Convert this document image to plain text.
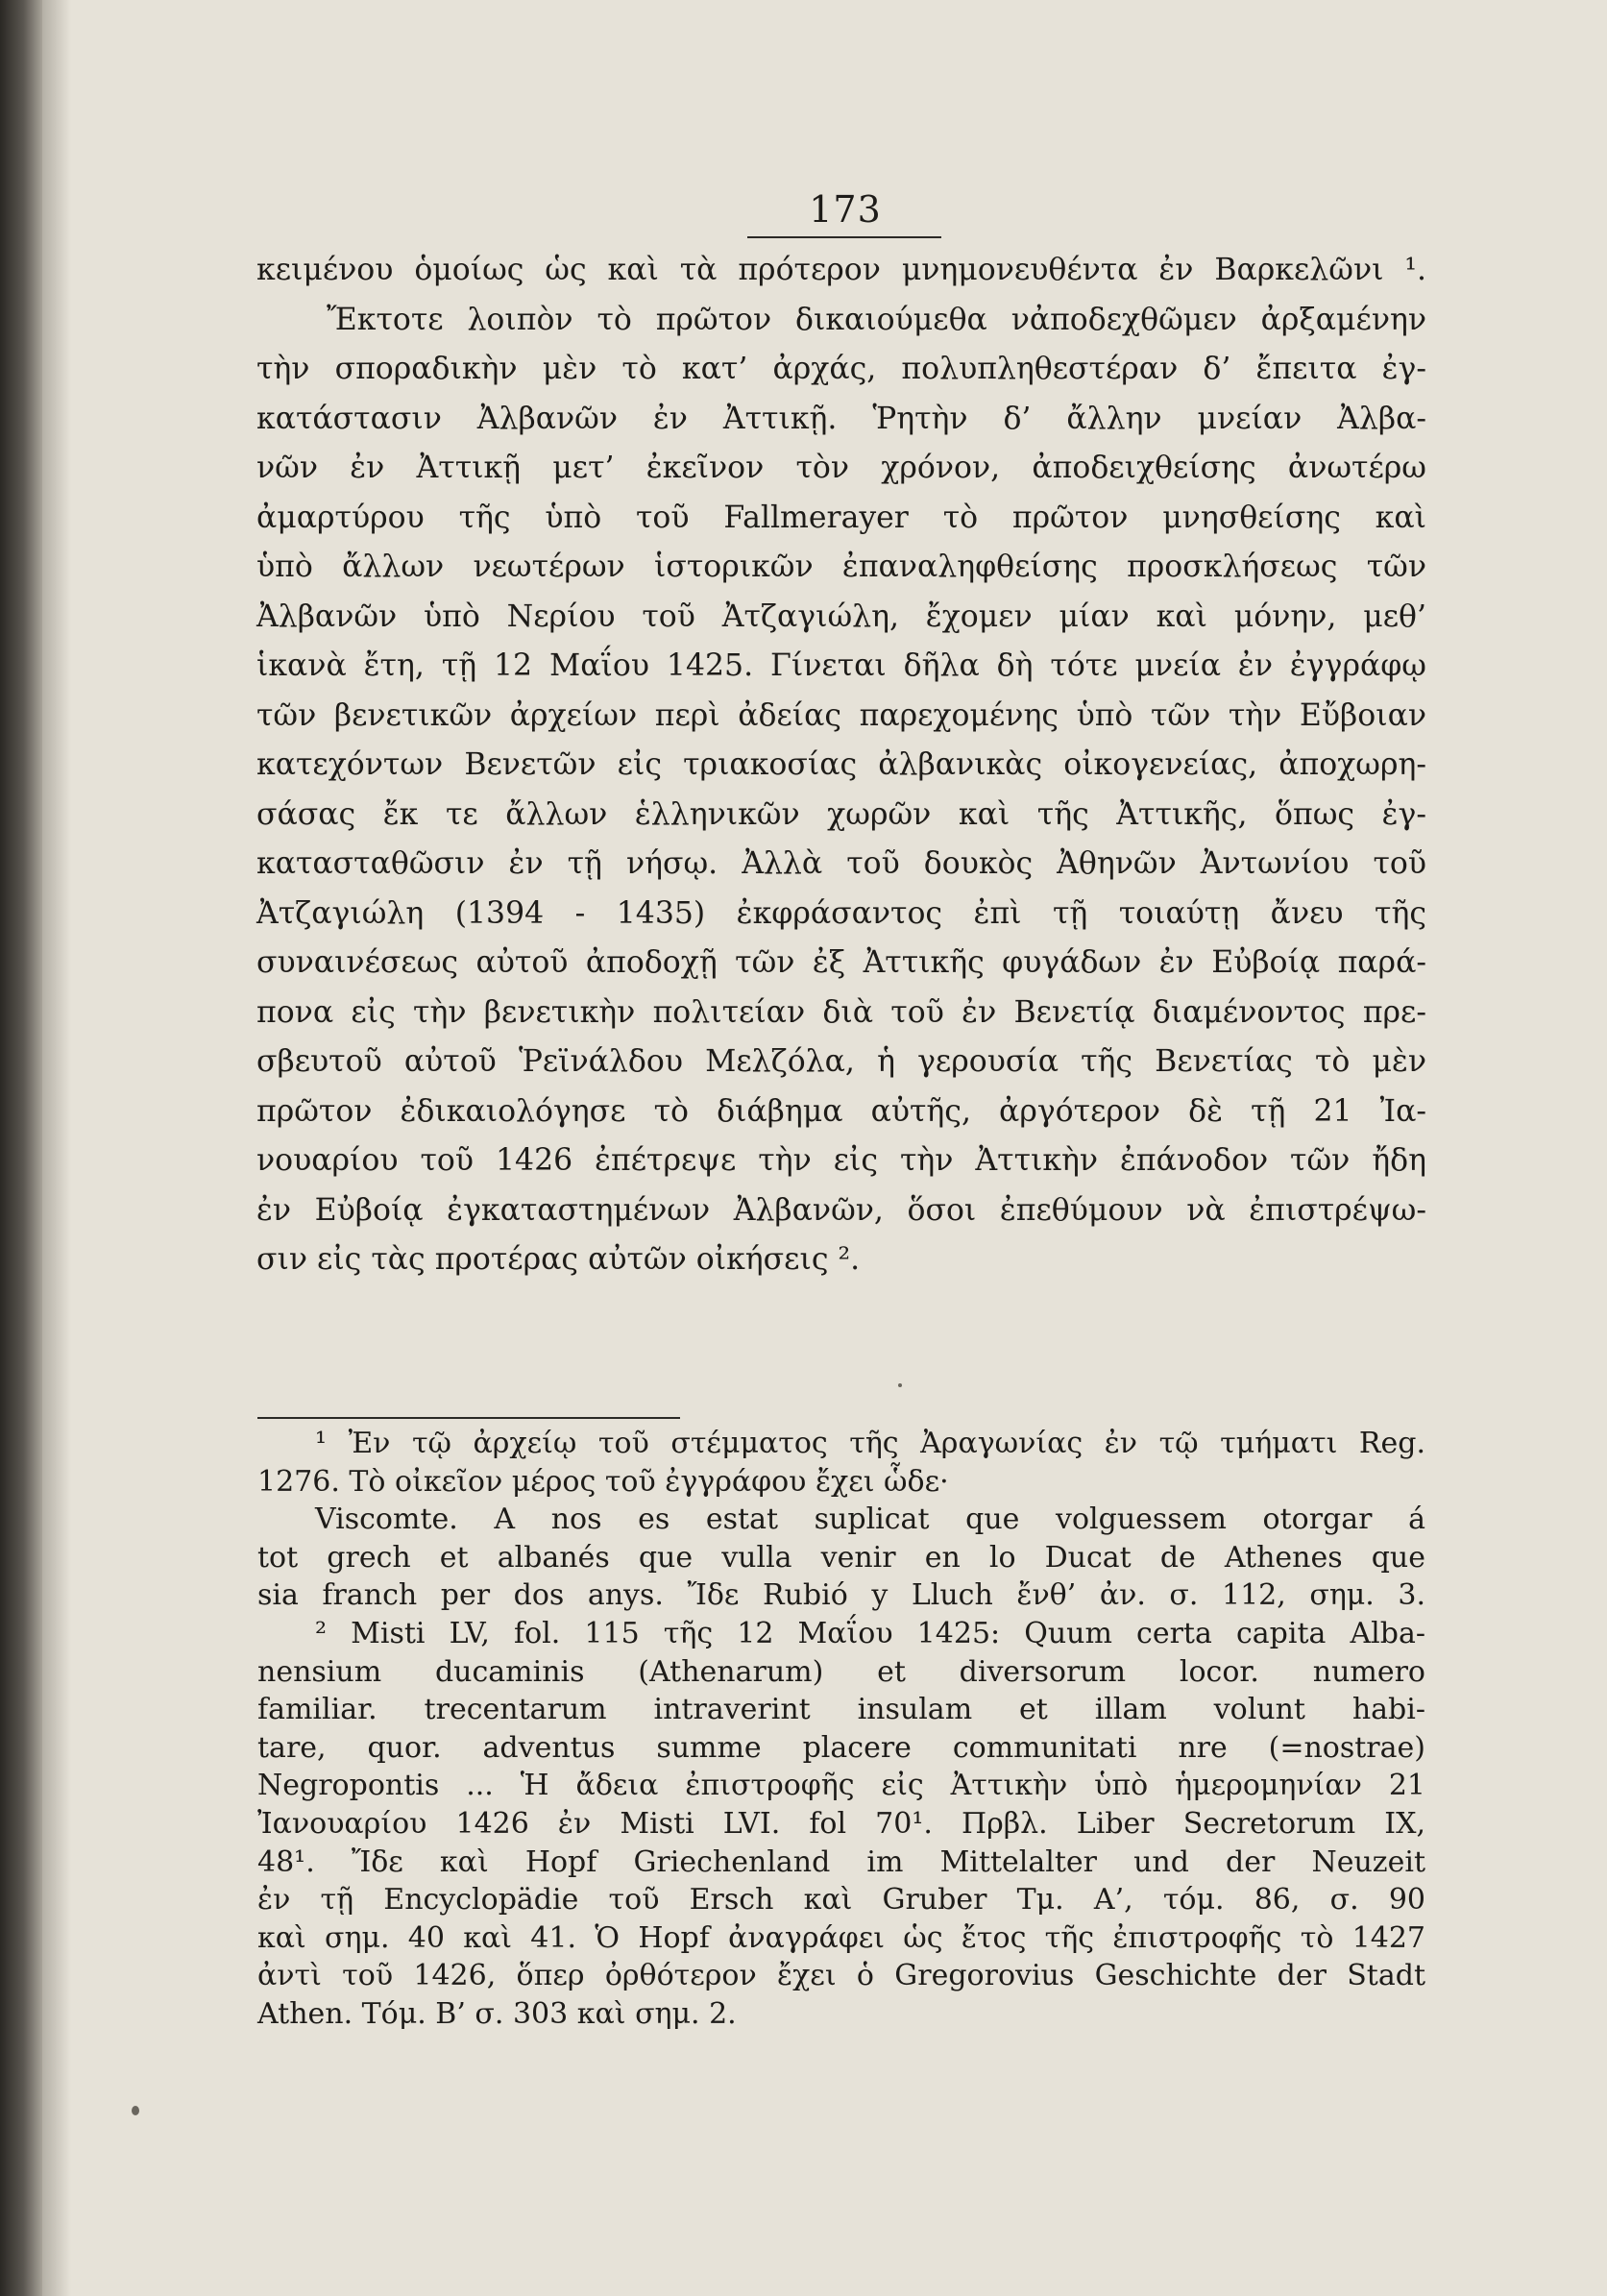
173
κειμένου ὁμοίως ὡς καὶ τὰ πρότερον μνημονευθέντα ἐν Βαρκελῶνι ¹.
Ἔκτοτε λοιπὸν τὸ πρῶτον δικαιούμεθα νἀποδεχθῶμεν ἀρξαμένην
τὴν σποραδικὴν μὲν τὸ κατ’ ἀρχάς, πολυπληθεστέραν δ’ ἔπειτα ἐγ-
κατάστασιν Ἀλβανῶν ἐν Ἀττικῇ. Ῥητὴν δ’ ἄλλην μνείαν Ἀλβα-
νῶν ἐν Ἀττικῇ μετ’ ἐκεῖνον τὸν χρόνον, ἀποδειχθείσης ἀνωτέρω
ἀμαρτύρου τῆς ὑπὸ τοῦ Fallmerayer τὸ πρῶτον μνησθείσης καὶ
ὑπὸ ἄλλων νεωτέρων ἱστορικῶν ἐπαναληφθείσης προσκλήσεως τῶν
Ἀλβανῶν ὑπὸ Νερίου τοῦ Ἀτζαγιώλη, ἔχομεν μίαν καὶ μόνην, μεθ’
ἱκανὰ ἔτη, τῇ 12 Μαΐου 1425. Γίνεται δῆλα δὴ τότε μνεία ἐν ἐγγράφῳ
τῶν βενετικῶν ἀρχείων περὶ ἀδείας παρεχομένης ὑπὸ τῶν τὴν Εὔβοιαν
κατεχόντων Βενετῶν εἰς τριακοσίας ἀλβανικὰς οἰκογενείας, ἀποχωρη-
σάσας ἔκ τε ἄλλων ἑλληνικῶν χωρῶν καὶ τῆς Ἀττικῆς, ὅπως ἐγ-
κατασταθῶσιν ἐν τῇ νήσῳ. Ἀλλὰ τοῦ δουκὸς Ἀθηνῶν Ἀντωνίου τοῦ
Ἀτζαγιώλη (1394 - 1435) ἐκφράσαντος ἐπὶ τῇ τοιαύτῃ ἄνευ τῆς
συναινέσεως αὐτοῦ ἀποδοχῇ τῶν ἐξ Ἀττικῆς φυγάδων ἐν Εὐβοίᾳ παρά-
πονα εἰς τὴν βενετικὴν πολιτείαν διὰ τοῦ ἐν Βενετίᾳ διαμένοντος πρε-
σβευτοῦ αὐτοῦ Ῥεϊνάλδου Μελζόλα, ἡ γερουσία τῆς Βενετίας τὸ μὲν
πρῶτον ἐδικαιολόγησε τὸ διάβημα αὐτῆς, ἀργότερον δὲ τῇ 21 Ἰα-
νουαρίου τοῦ 1426 ἐπέτρεψε τὴν εἰς τὴν Ἀττικὴν ἐπάνοδον τῶν ἤδη
ἐν Εὐβοίᾳ ἐγκαταστημένων Ἀλβανῶν, ὅσοι ἐπεθύμουν νὰ ἐπιστρέψω-
σιν εἰς τὰς προτέρας αὐτῶν οἰκήσεις ².
¹ Ἐν τῷ ἀρχείῳ τοῦ στέμματος τῆς Ἀραγωνίας ἐν τῷ τμήματι Reg.
1276. Τὸ οἰκεῖον μέρος τοῦ ἐγγράφου ἔχει ὧδε·
Viscomte. A nos es estat suplicat que volguessem otorgar á
tot grech et albanés que vulla venir en lo Ducat de Athenes que
sia franch per dos anys. Ἴδε Rubió y Lluch ἔνθ’ ἀν. σ. 112, σημ. 3.
² Misti LV, fol. 115 τῆς 12 Μαΐου 1425: Quum certa capita Alba-
nensium ducaminis (Athenarum) et diversorum locor. numero
familiar. trecentarum intraverint insulam et illam volunt habi-
tare, quor. adventus summe placere communitati nre (=nostrae)
Negropontis ... Ἡ ἄδεια ἐπιστροφῆς εἰς Ἀττικὴν ὑπὸ ἡμερομηνίαν 21
Ἰανουαρίου 1426 ἐν Misti LVI. fol 70¹. Πρβλ. Liber Secretorum IX,
48¹. Ἴδε καὶ Hopf Griechenland im Mittelalter und der Neuzeit
ἐν τῇ Encyclopädie τοῦ Ersch καὶ Gruber Τμ. Α’, τόμ. 86, σ. 90
καὶ σημ. 40 καὶ 41. Ὁ Hopf ἀναγράφει ὡς ἔτος τῆς ἐπιστροφῆς τὸ 1427
ἀντὶ τοῦ 1426, ὅπερ ὀρθότερον ἔχει ὁ Gregorovius Geschichte der Stadt
Athen. Τόμ. Β’ σ. 303 καὶ σημ. 2.
